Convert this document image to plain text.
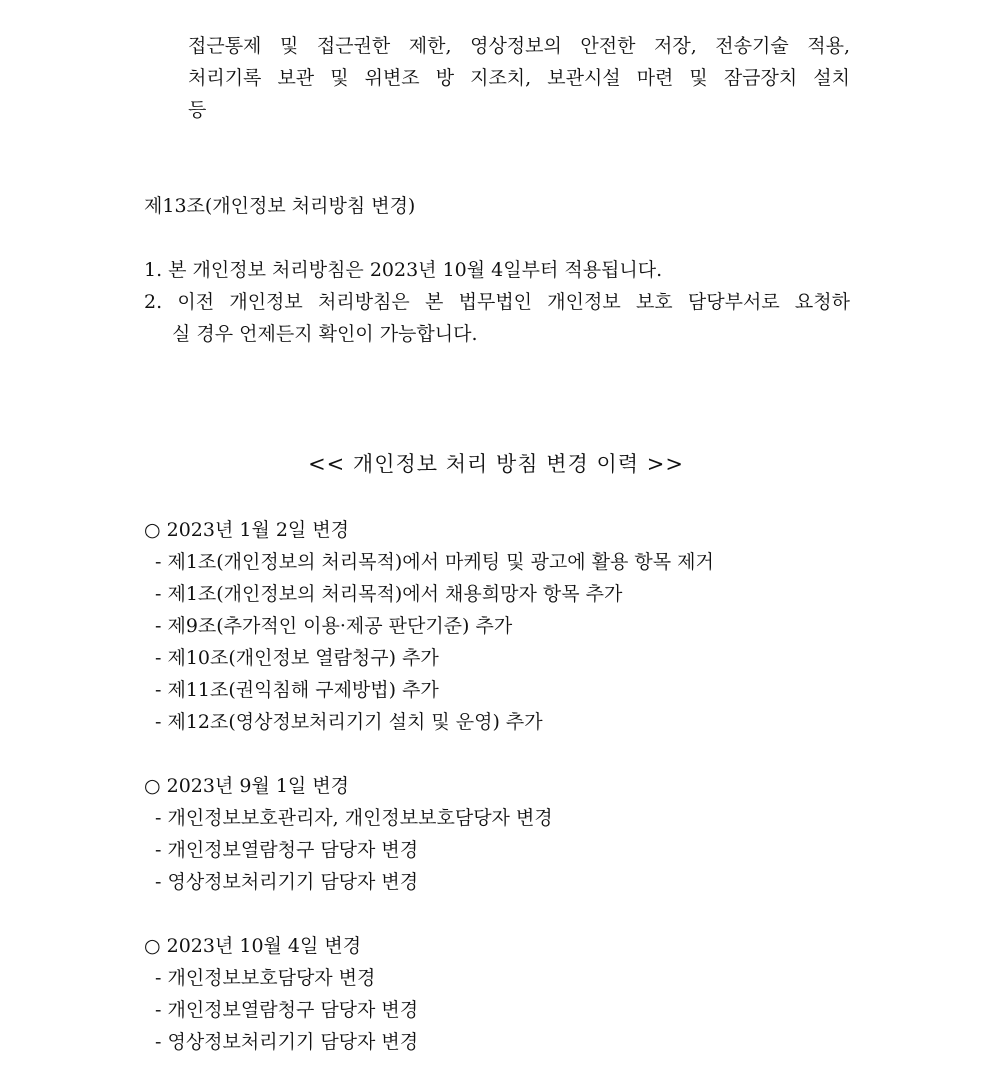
접근통제 및 접근권한 제한, 영상정보의 안전한 저장, 전송기술 적용,
처리기록 보관 및 위변조 방 지조치, 보관시설 마련 및 잠금장치 설치
등
제13조(개인정보 처리방침 변경)
1. 본 개인정보 처리방침은 2023년 10월 4일부터 적용됩니다.
2. 이전 개인정보 처리방침은 본 법무법인 개인정보 보호 담당부서로 요청하
실 경우 언제든지 확인이 가능합니다.
<< 개인정보 처리 방침 변경 이력 >>
○ 2023년 1월 2일 변경
- 제1조(개인정보의 처리목적)에서 마케팅 및 광고에 활용 항목 제거
- 제1조(개인정보의 처리목적)에서 채용희망자 항목 추가
- 제9조(추가적인 이용·제공 판단기준) 추가
- 제10조(개인정보 열람청구) 추가
- 제11조(권익침해 구제방법) 추가
- 제12조(영상정보처리기기 설치 및 운영) 추가
○ 2023년 9월 1일 변경
- 개인정보보호관리자, 개인정보보호담당자 변경
- 개인정보열람청구 담당자 변경
- 영상정보처리기기 담당자 변경
○ 2023년 10월 4일 변경
- 개인정보보호담당자 변경
- 개인정보열람청구 담당자 변경
- 영상정보처리기기 담당자 변경
